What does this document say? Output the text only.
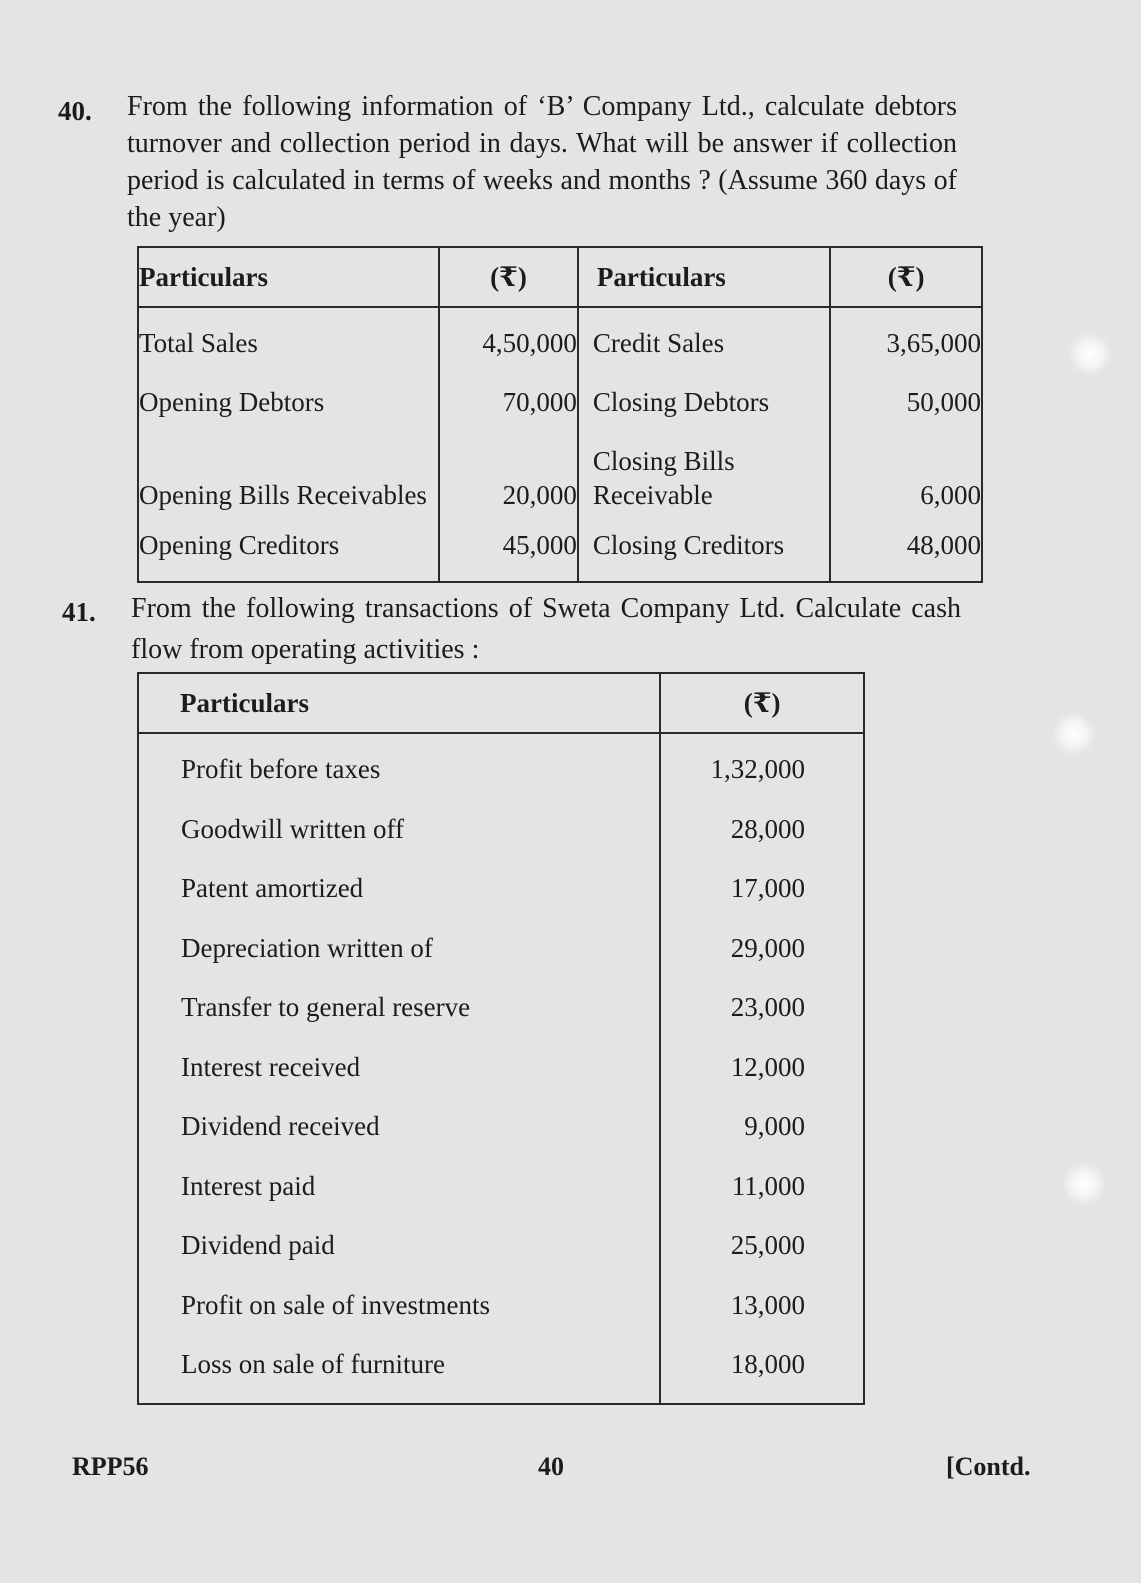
40. From the following information of ‘B’ Company Ltd., calculate debtors turnover and collection period in days. What will be answer if collection period is calculated in terms of weeks and months ? (Assume 360 days of the year)
Particulars	(₹)	Particulars	(₹)
Total Sales	4,50,000	Credit Sales	3,65,000
Opening Debtors	70,000	Closing Debtors	50,000
Opening Bills Receivables	20,000	Closing Bills Receivable	6,000
Opening Creditors	45,000	Closing Creditors	48,000
41. From the following transactions of Sweta Company Ltd. Calculate cash flow from operating activities :
Particulars	(₹)
Profit before taxes	1,32,000
Goodwill written off	28,000
Patent amortized	17,000
Depreciation written of	29,000
Transfer to general reserve	23,000
Interest received	12,000
Dividend received	9,000
Interest paid	11,000
Dividend paid	25,000
Profit on sale of investments	13,000
Loss on sale of furniture	18,000
RPP56	40	[Contd.
